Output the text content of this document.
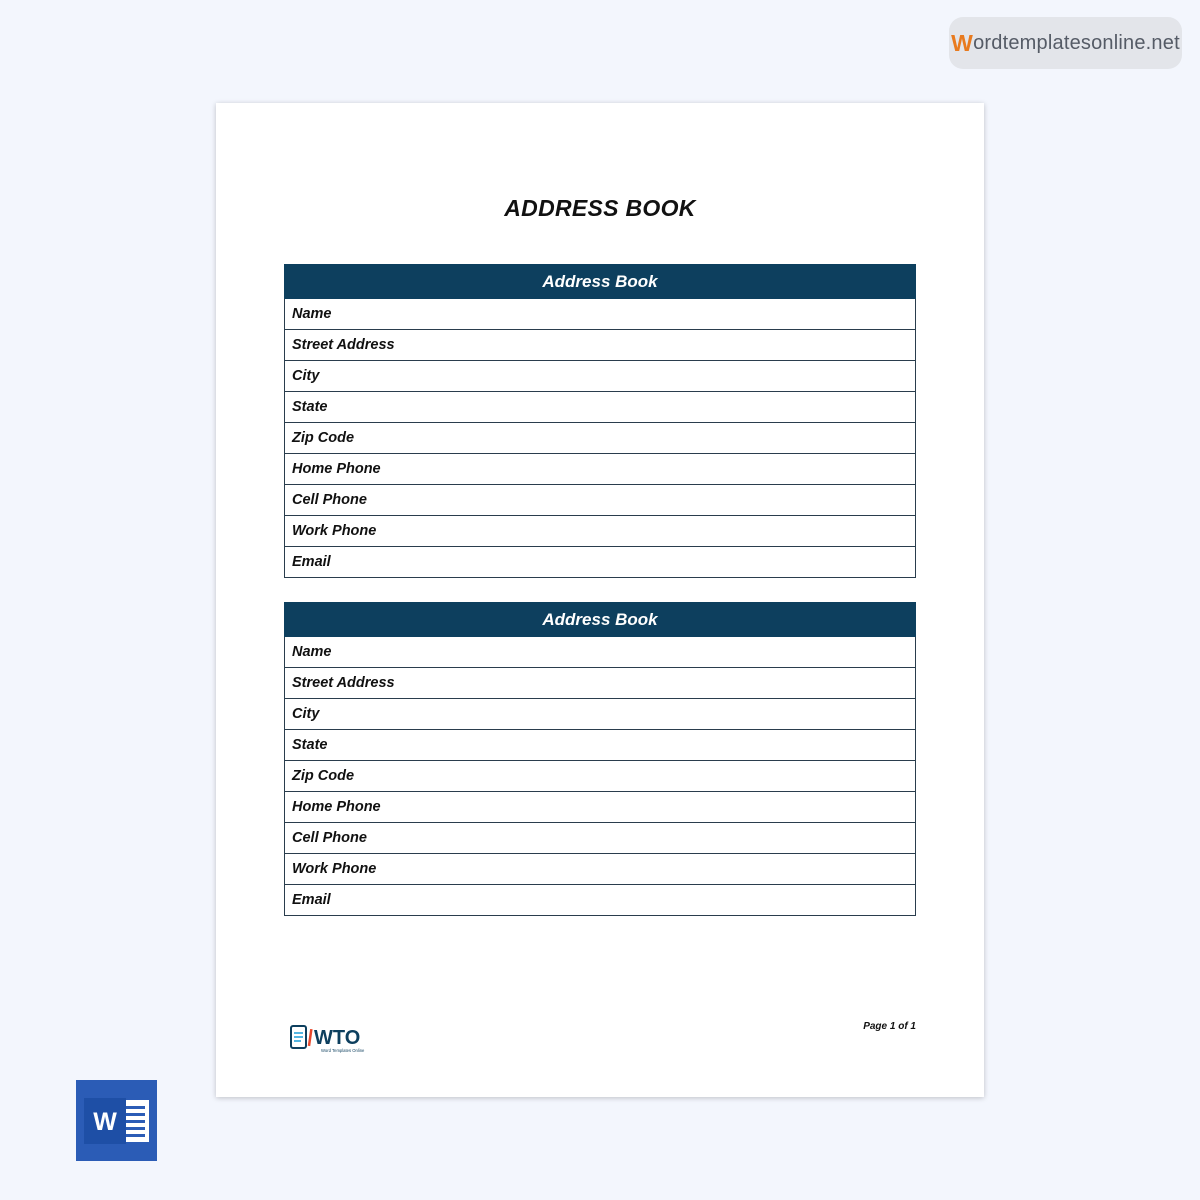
W ordtemplatesonline.net
ADDRESS BOOK
Address Book
Name
Street Address
City
State
Zip Code
Home Phone
Cell Phone
Work Phone
Email
Address Book
Name
Street Address
City
State
Zip Code
Home Phone
Cell Phone
Work Phone
Email
WTO
Word Templates Online
Page 1 of 1
W
